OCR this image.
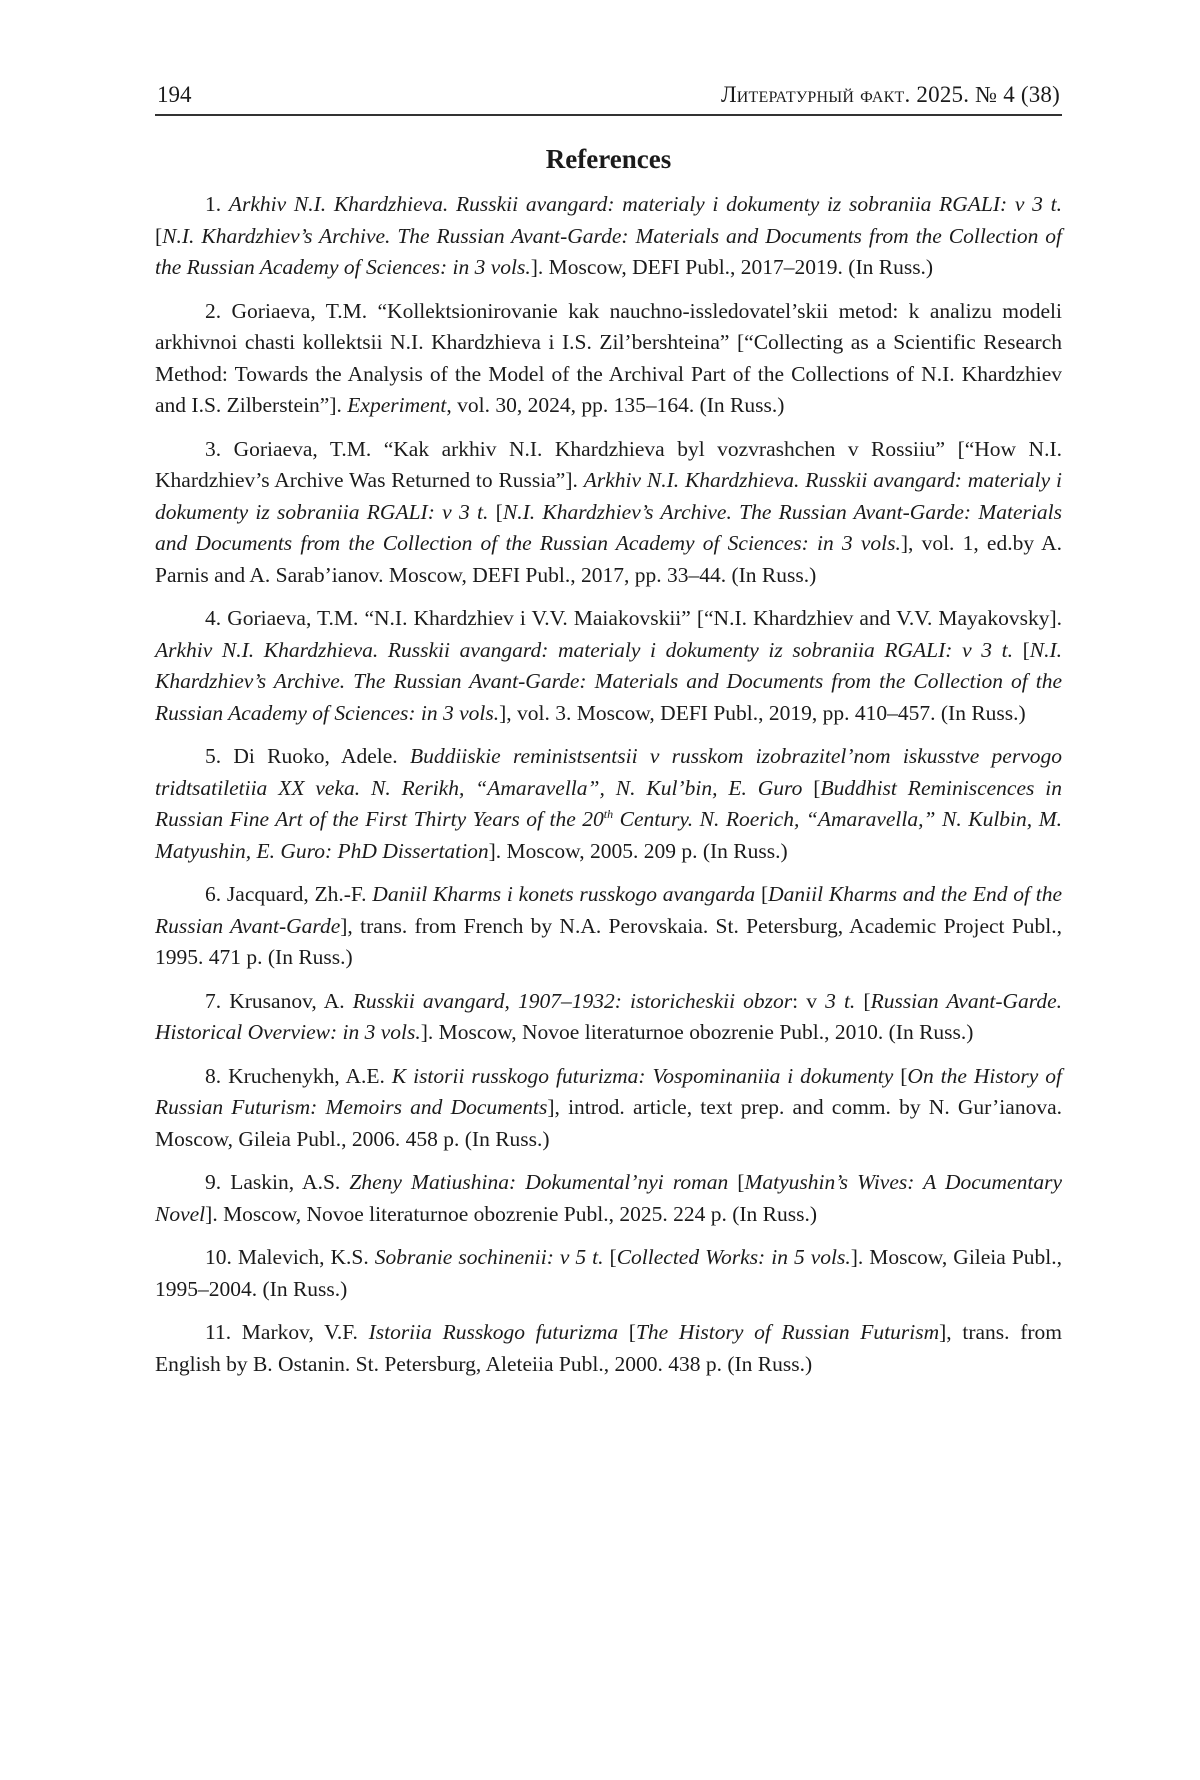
194	Литературный факт. 2025. № 4 (38)
References

1. Arkhiv N.I. Khardzhieva. Russkii avangard: materialy i dokumenty iz sobraniia RGALI: v 3 t. [N.I. Khardzhiev’s Archive. The Russian Avant-Garde: Materials and Documents from the Collection of the Russian Academy of Sciences: in 3 vols.]. Moscow, DEFI Publ., 2017–2019. (In Russ.)

2. Goriaeva, T.M. “Kollektsionirovanie kak nauchno-issledovatel’skii metod: k analizu modeli arkhivnoi chasti kollektsii N.I. Khardzhieva i I.S. Zil’bershteina” [“Collecting as a Scientific Research Method: Towards the Analysis of the Model of the Archival Part of the Collections of N.I. Khardzhiev and I.S. Zilberstein”]. Experiment, vol. 30, 2024, pp. 135–164. (In Russ.)

3. Goriaeva, T.M. “Kak arkhiv N.I. Khardzhieva byl vozvrashchen v Rossiiu” [“How N.I. Khardzhiev’s Archive Was Returned to Russia”]. Arkhiv N.I. Khardzhieva. Russkii avangard: materialy i dokumenty iz sobraniia RGALI: v 3 t. [N.I. Khardzhiev’s Archive. The Russian Avant-Garde: Materials and Documents from the Collection of the Russian Academy of Sciences: in 3 vols.], vol. 1, ed.by A. Parnis and A. Sarab’ianov. Moscow, DEFI Publ., 2017, pp. 33–44. (In Russ.)

4. Goriaeva, T.M. “N.I. Khardzhiev i V.V. Maiakovskii” [“N.I. Khardzhiev and V.V. Mayakovsky]. Arkhiv N.I. Khardzhieva. Russkii avangard: materialy i dokumenty iz sobraniia RGALI: v 3 t. [N.I. Khardzhiev’s Archive. The Russian Avant-Garde: Materials and Documents from the Collection of the Russian Academy of Sciences: in 3 vols.], vol. 3. Moscow, DEFI Publ., 2019, pp. 410–457. (In Russ.)

5. Di Ruoko, Adele. Buddiiskie reministsentsii v russkom izobrazitel’nom iskusstve pervogo tridtsatiletiia XX veka. N. Rerikh, “Amaravella”, N. Kul’bin, E. Guro [Buddhist Reminiscences in Russian Fine Art of the First Thirty Years of the 20th Century. N. Roerich, “Amaravella,” N. Kulbin, M. Matyushin, E. Guro: PhD Dissertation]. Moscow, 2005. 209 p. (In Russ.)

6. Jacquard, Zh.-F. Daniil Kharms i konets russkogo avangarda [Daniil Kharms and the End of the Russian Avant-Garde], trans. from French by N.A. Perovskaia. St. Petersburg, Academic Project Publ., 1995. 471 p. (In Russ.)

7. Krusanov, A. Russkii avangard, 1907–1932: istoricheskii obzor: v 3 t. [Russian Avant-Garde. Historical Overview: in 3 vols.]. Moscow, Novoe literaturnoe obozrenie Publ., 2010. (In Russ.)

8. Kruchenykh, A.E. K istorii russkogo futurizma: Vospominaniia i dokumenty [On the History of Russian Futurism: Memoirs and Documents], introd. article, text prep. and comm. by N. Gur’ianova. Moscow, Gileia Publ., 2006. 458 p. (In Russ.)

9. Laskin, A.S. Zheny Matiushina: Dokumental’nyi roman [Matyushin’s Wives: A Documentary Novel]. Moscow, Novoe literaturnoe obozrenie Publ., 2025. 224 p. (In Russ.)

10. Malevich, K.S. Sobranie sochinenii: v 5 t. [Collected Works: in 5 vols.]. Moscow, Gileia Publ., 1995–2004. (In Russ.)

11. Markov, V.F. Istoriia Russkogo futurizma [The History of Russian Futurism], trans. from English by B. Ostanin. St. Petersburg, Aleteiia Publ., 2000. 438 p. (In Russ.)
